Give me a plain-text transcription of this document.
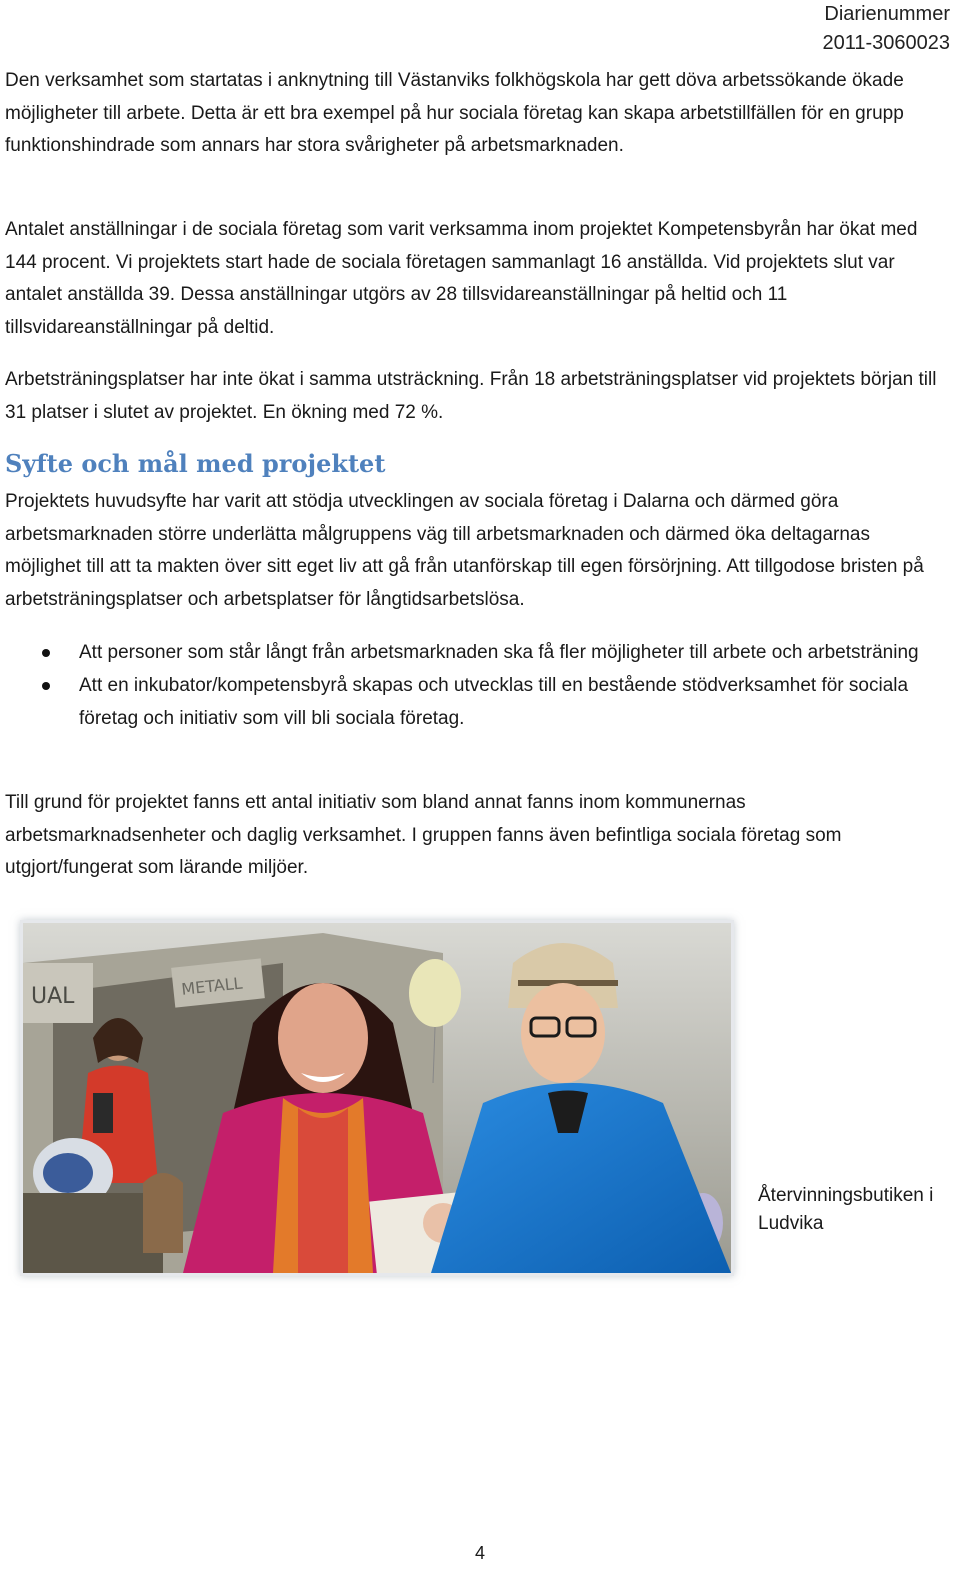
Diarienummer
2011-3060023

Den verksamhet som startatas i anknytning till Västanviks folkhögskola har gett döva arbetssökande ökade möjligheter till arbete. Detta är ett bra exempel på hur sociala företag kan skapa arbetstillfällen för en grupp funktionshindrade som annars har stora svårigheter på arbetsmarknaden.

Antalet anställningar i de sociala företag som varit verksamma inom projektet Kompetensbyrån har ökat med 144 procent. Vi projektets start hade de sociala företagen sammanlagt 16 anställda. Vid projektets slut var antalet anställda 39. Dessa anställningar utgörs av 28 tillsvidareanställningar på heltid och 11 tillsvidareanställningar på deltid.

Arbetsträningsplatser har inte ökat i samma utsträckning. Från 18 arbetsträningsplatser vid projektets början till 31 platser i slutet av projektet. En ökning med 72 %.

Syfte och mål med projektet

Projektets huvudsyfte har varit att stödja utvecklingen av sociala företag i Dalarna och därmed göra arbetsmarknaden större underlätta målgruppens väg till arbetsmarknaden och därmed öka deltagarnas möjlighet till att ta makten över sitt eget liv att gå från utanförskap till egen försörjning. Att tillgodose bristen på arbetsträningsplatser och arbetsplatser för långtidsarbetslösa.

Att personer som står långt från arbetsmarknaden ska få fler möjligheter till arbete och arbetsträning
Att en inkubator/kompetensbyrå skapas och utvecklas till en bestående stödverksamhet för sociala företag och initiativ som vill bli sociala företag.

Till grund för projektet fanns ett antal initiativ som bland annat fanns inom kommunernas arbetsmarknadsenheter och daglig verksamhet. I gruppen fanns även befintliga sociala företag som utgjort/fungerat som lärande miljöer.

UAL	METALL
Återvinningsbutiken i Ludvika
4
